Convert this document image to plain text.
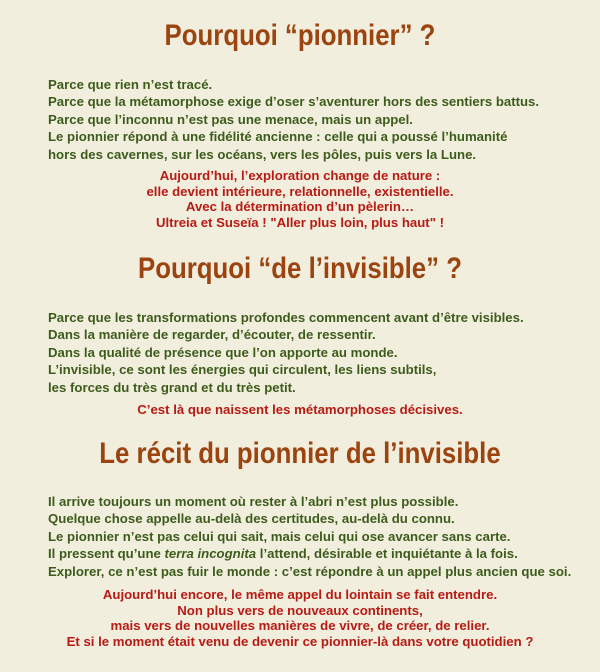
Pourquoi “pionnier” ?
Parce que rien n’est tracé.
Parce que la métamorphose exige d’oser s’aventurer hors des sentiers battus.
Parce que l’inconnu n’est pas une menace, mais un appel.
Le pionnier répond à une fidélité ancienne : celle qui a poussé l’humanité
hors des cavernes, sur les océans, vers les pôles, puis vers la Lune.
Aujourd’hui, l’exploration change de nature :
elle devient intérieure, relationnelle, existentielle.
Avec la détermination d’un pèlerin…
Ultreia et Suseïa ! "Aller plus loin, plus haut" !
Pourquoi “de l’invisible” ?
Parce que les transformations profondes commencent avant d’être visibles.
Dans la manière de regarder, d’écouter, de ressentir.
Dans la qualité de présence que l’on apporte au monde.
L’invisible, ce sont les énergies qui circulent, les liens subtils,
les forces du très grand et du très petit.
C’est là que naissent les métamorphoses décisives.
Le récit du pionnier de l’invisible
Il arrive toujours un moment où rester à l’abri n’est plus possible.
Quelque chose appelle au-delà des certitudes, au-delà du connu.
Le pionnier n’est pas celui qui sait, mais celui qui ose avancer sans carte.
Il pressent qu’une terra incognita l’attend, désirable et inquiétante à la fois.
Explorer, ce n’est pas fuir le monde : c’est répondre à un appel plus ancien que soi.
Aujourd’hui encore, le même appel du lointain se fait entendre.
Non plus vers de nouveaux continents,
mais vers de nouvelles manières de vivre, de créer, de relier.
Et si le moment était venu de devenir ce pionnier-là dans votre quotidien ?
